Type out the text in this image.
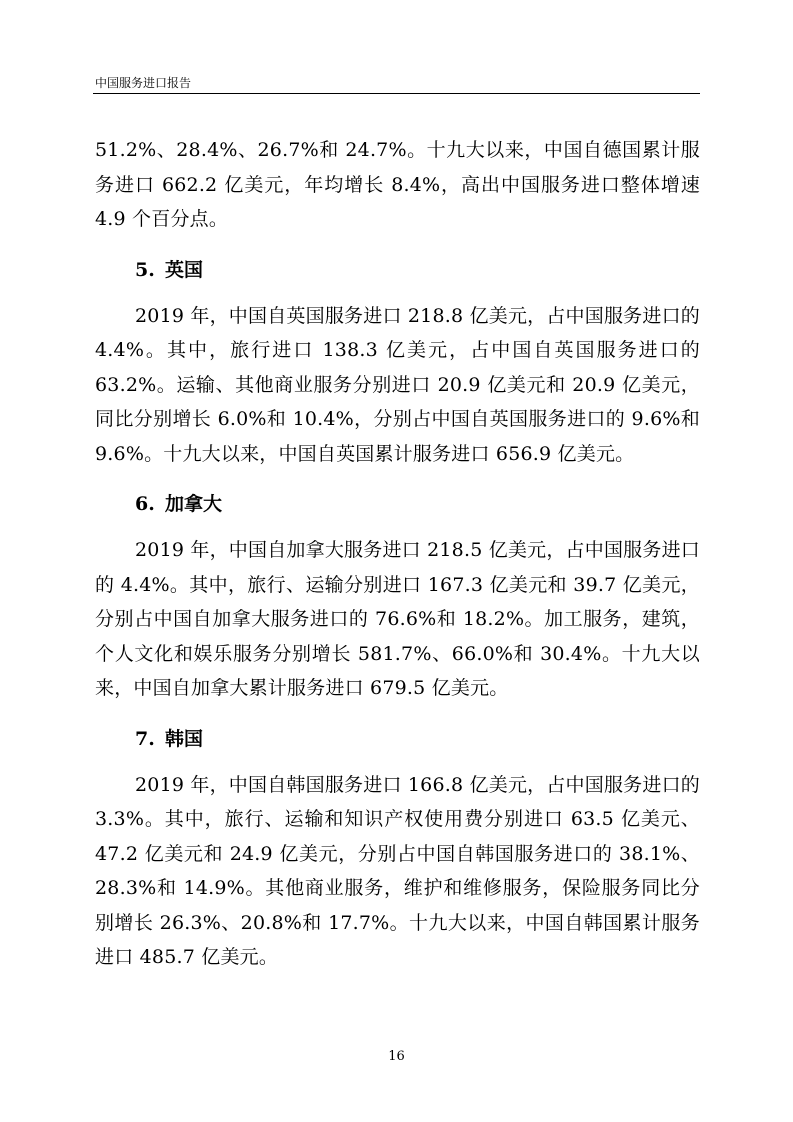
中国服务进口报告

51.2%、28.4%、26.7%和 24.7%。十九大以来，中国自德国累计服务进口 662.2 亿美元，年均增长 8.4%，高出中国服务进口整体增速 4.9 个百分点。

5. 英国

2019 年，中国自英国服务进口 218.8 亿美元，占中国服务进口的 4.4%。其中，旅行进口 138.3 亿美元，占中国自英国服务进口的 63.2%。运输、其他商业服务分别进口 20.9 亿美元和 20.9 亿美元，同比分别增长 6.0%和 10.4%，分别占中国自英国服务进口的 9.6%和 9.6%。十九大以来，中国自英国累计服务进口 656.9 亿美元。

6. 加拿大

2019 年，中国自加拿大服务进口 218.5 亿美元，占中国服务进口的 4.4%。其中，旅行、运输分别进口 167.3 亿美元和 39.7 亿美元，分别占中国自加拿大服务进口的 76.6%和 18.2%。加工服务，建筑，个人文化和娱乐服务分别增长 581.7%、66.0%和 30.4%。十九大以来，中国自加拿大累计服务进口 679.5 亿美元。

7. 韩国

2019 年，中国自韩国服务进口 166.8 亿美元，占中国服务进口的 3.3%。其中，旅行、运输和知识产权使用费分别进口 63.5 亿美元、47.2 亿美元和 24.9 亿美元，分别占中国自韩国服务进口的 38.1%、28.3%和 14.9%。其他商业服务，维护和维修服务，保险服务同比分别增长 26.3%、20.8%和 17.7%。十九大以来，中国自韩国累计服务进口 485.7 亿美元。

16
